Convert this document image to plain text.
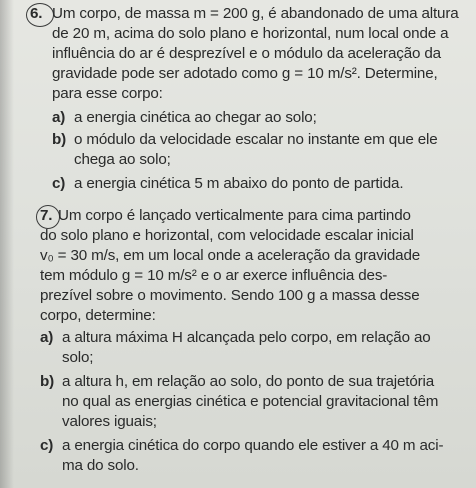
6. Um corpo, de massa m = 200 g, é abandonado de uma altura
de 20 m, acima do solo plano e horizontal, num local onde a
influência do ar é desprezível e o módulo da aceleração da
gravidade pode ser adotado como g = 10 m/s². Determine,
para esse corpo:
a) a energia cinética ao chegar ao solo;
b) o módulo da velocidade escalar no instante em que ele
chega ao solo;
c) a energia cinética 5 m abaixo do ponto de partida.
7. Um corpo é lançado verticalmente para cima partindo
do solo plano e horizontal, com velocidade escalar inicial
v₀ = 30 m/s, em um local onde a aceleração da gravidade
tem módulo g = 10 m/s² e o ar exerce influência des-
prezível sobre o movimento. Sendo 100 g a massa desse
corpo, determine:
a) a altura máxima H alcançada pelo corpo, em relação ao
solo;
b) a altura h, em relação ao solo, do ponto de sua trajetória
no qual as energias cinética e potencial gravitacional têm
valores iguais;
c) a energia cinética do corpo quando ele estiver a 40 m aci-
ma do solo.
